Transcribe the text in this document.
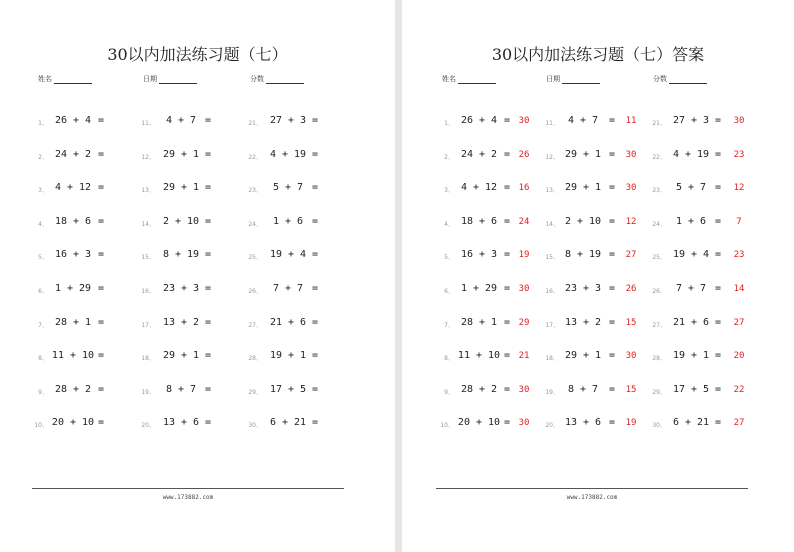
30以内加法练习题（七）
姓名	日期	分数
1、 26 + 4 =
2、 24 + 2 =
3、 4 + 12 =
4、 18 + 6 =
5、 16 + 3 =
6、 1 + 29 =
7、 28 + 1 =
8、 11 + 10 =
9、 28 + 2 =
10、 20 + 10 =
11、	4 + 7 =
12、 29 + 1 =
13、 29 + 1 =
14、 2 + 10 =
15、 8 + 19 =
16、 23 + 3 =
17、 13 + 2 =
18、 29 + 1 =
19、	8 + 7 =
20、 13 + 6 =
21、 27 + 3 =
22、 4 + 19 =
23、	5 + 7 =
24、	1 + 6 =
25、 19 + 4 =
26、	7 + 7 =
27、 21 + 6 =
28、 19 + 1 =
29、 17 + 5 =
30、 6 + 21 =
www.173882.com
30以内加法练习题（七）答案
姓名	日期	分数
1、 26 + 4 = 30
2、 24 + 2 = 26
3、 4 + 12 = 16
4、 18 + 6 = 24
5、 16 + 3 = 19
6、 1 + 29 = 30
7、 28 + 1 = 29
8、 11 + 10 = 21
9、 28 + 2 = 30
10、 20 + 10 = 30
11、 4 + 7	=	11
12、 29 + 1 =	30
13、 29 + 1 =	30
14、 2 + 10 =	12
15、 8 + 19 =	27
16、 23 + 3 =	26
17、 13 + 2 =	15
18、 29 + 1 =	30
19、 8 + 7	=	15
20、 13 + 6 =	19
21、 27 + 3 =	30
22、 4 + 19 =	23
23、 5 + 7 =	12
24、 1 + 6 =	7
25、 19 + 4 =	23
26、 7 + 7 =	14
27、 21 + 6 =	27
28、 19 + 1 =	20
29、 17 + 5 =	22
30、 6 + 21 =	27
www.173882.com
